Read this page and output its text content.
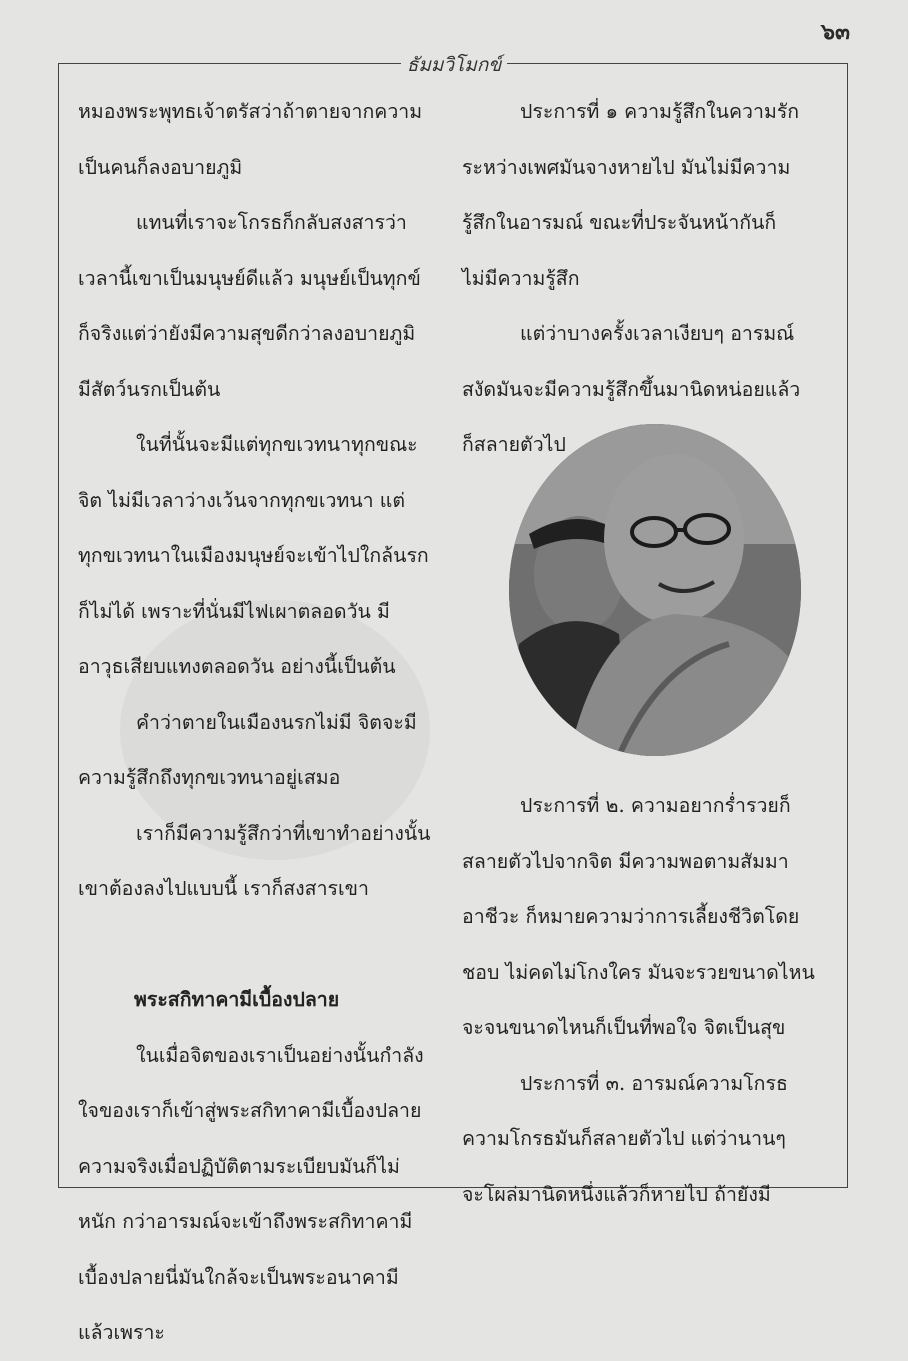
๖๓
ธัมมวิโมกข์

หมองพระพุทธเจ้าตรัสว่าถ้าตายจากความ

เป็นคนก็ลงอบายภูมิ

แทนที่เราจะโกรธก็กลับสงสารว่า

เวลานี้เขาเป็นมนุษย์ดีแล้ว มนุษย์เป็นทุกข์

ก็จริงแต่ว่ายังมีความสุขดีกว่าลงอบายภูมิ

มีสัตว์นรกเป็นต้น

ในที่นั้นจะมีแต่ทุกขเวทนาทุกขณะ

จิต ไม่มีเวลาว่างเว้นจากทุกขเวทนา แต่

ทุกขเวทนาในเมืองมนุษย์จะเข้าไปใกล้นรก

ก็ไม่ได้ เพราะที่นั่นมีไฟเผาตลอดวัน มี

อาวุธเสียบแทงตลอดวัน อย่างนี้เป็นต้น

คำว่าตายในเมืองนรกไม่มี จิตจะมี

ความรู้สึกถึงทุกขเวทนาอยู่เสมอ

เราก็มีความรู้สึกว่าที่เขาทำอย่างนั้น

เขาต้องลงไปแบบนี้ เราก็สงสารเขา

พระสกิทาคามีเบื้องปลาย

ในเมื่อจิตของเราเป็นอย่างนั้นกำลัง

ใจของเราก็เข้าสู่พระสกิทาคามีเบื้องปลาย

ความจริงเมื่อปฏิบัติตามระเบียบมันก็ไม่

หนัก กว่าอารมณ์จะเข้าถึงพระสกิทาคามี

เบื้องปลายนี่มันใกล้จะเป็นพระอนาคามี

แล้วเพราะ

ประการที่ ๑ ความรู้สึกในความรัก

ระหว่างเพศมันจางหายไป มันไม่มีความ

รู้สึกในอารมณ์ ขณะที่ประจันหน้ากันก็

ไม่มีความรู้สึก

แต่ว่าบางครั้งเวลาเงียบๆ อารมณ์

สงัดมันจะมีความรู้สึกขึ้นมานิดหน่อยแล้ว

ก็สลายตัวไป

ประการที่ ๒. ความอยากร่ำรวยก็

สลายตัวไปจากจิต มีความพอตามสัมมา

อาชีวะ ก็หมายความว่าการเลี้ยงชีวิตโดย

ชอบ ไม่คดไม่โกงใคร มันจะรวยขนาดไหน

จะจนขนาดไหนก็เป็นที่พอใจ จิตเป็นสุข

ประการที่ ๓. อารมณ์ความโกรธ

ความโกรธมันก็สลายตัวไป แต่ว่านานๆ

จะโผล่มานิดหนึ่งแล้วก็หายไป ถ้ายังมี
